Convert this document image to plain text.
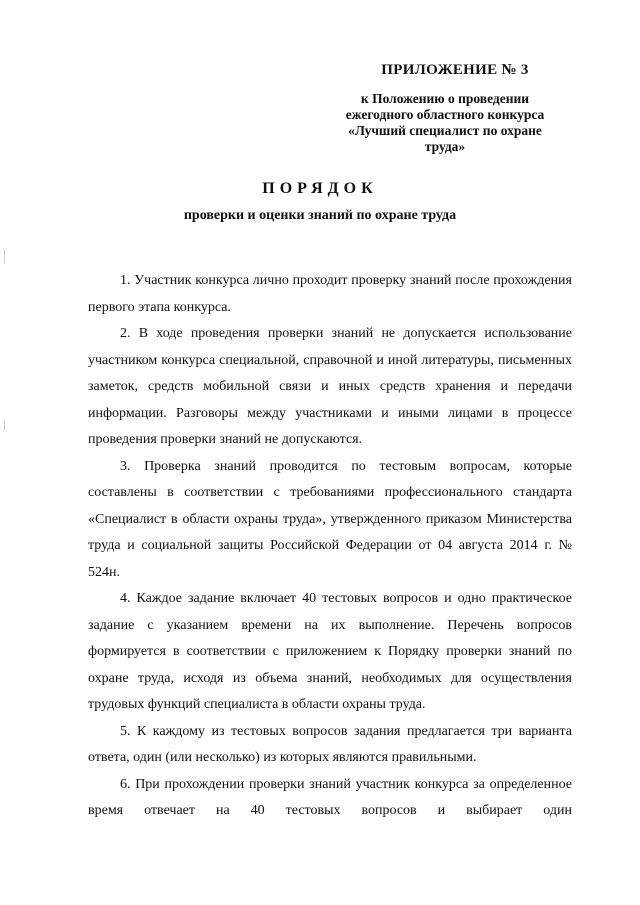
ПРИЛОЖЕНИЕ № 3

к Положению о проведении

ежегодного областного конкурса

«Лучший специалист по охране

труда»

ПОРЯДОК
проверки и оценки знаний по охране труда

1. Участник конкурса лично проходит проверку знаний после прохождения первого этапа конкурса.

2. В ходе проведения проверки знаний не допускается использование участником конкурса специальной, справочной и иной литературы, письменных заметок, средств мобильной связи и иных средств хранения и передачи информации. Разговоры между участниками и иными лицами в процессе проведения проверки знаний не допускаются.

3. Проверка знаний проводится по тестовым вопросам, которые составлены в соответствии с требованиями профессионального стандарта «Специалист в области охраны труда», утвержденного приказом Министерства труда и социальной защиты Российской Федерации от 04 августа 2014 г. № 524н.

4. Каждое задание включает 40 тестовых вопросов и одно практическое задание с указанием времени на их выполнение. Перечень вопросов формируется в соответствии с приложением к Порядку проверки знаний по охране труда, исходя из объема знаний, необходимых для осуществления трудовых функций специалиста в области охраны труда.

5. К каждому из тестовых вопросов задания предлагается три варианта ответа, один (или несколько) из которых являются правильными.

6. При прохождении проверки знаний участник конкурса за определенное время отвечает на 40 тестовых вопросов и выбирает один
